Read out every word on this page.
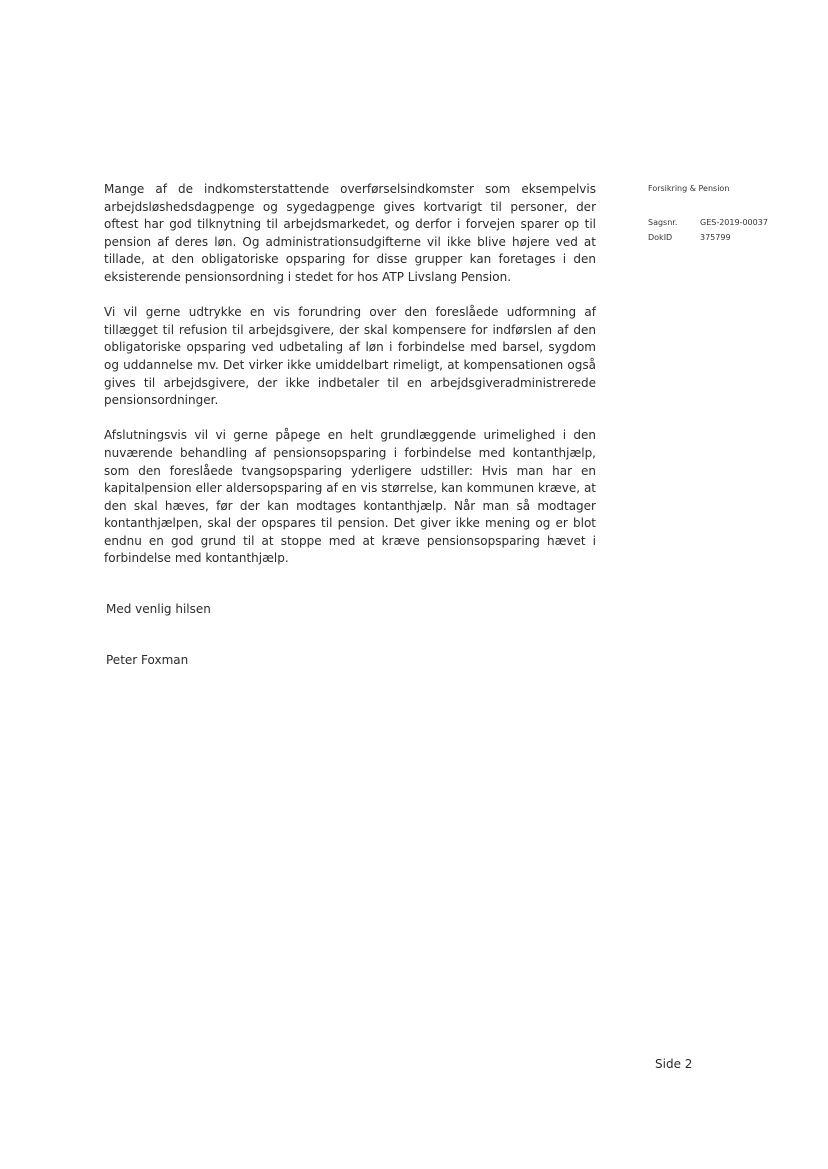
Mange af de indkomsterstattende overførselsindkomster som eksempelvis arbejdsløshedsdagpenge og sygedagpenge gives kortvarigt til personer, der oftest har god tilknytning til arbejdsmarkedet, og derfor i forvejen sparer op til pension af deres løn. Og administrationsudgifterne vil ikke blive højere ved at tillade, at den obligatoriske opsparing for disse grupper kan foretages i den eksisterende pensionsordning i stedet for hos ATP Livslang Pension.

Vi vil gerne udtrykke en vis forundring over den foreslåede udformning af tillægget til refusion til arbejdsgivere, der skal kompensere for indførslen af den obligatoriske opsparing ved udbetaling af løn i forbindelse med barsel, sygdom og uddannelse mv. Det virker ikke umiddelbart rimeligt, at kompensationen også gives til arbejdsgivere, der ikke indbetaler til en arbejdsgiveradministrerede pensionsordninger.

Afslutningsvis vil vi gerne påpege en helt grundlæggende urimelighed i den nuværende behandling af pensionsopsparing i forbindelse med kontanthjælp, som den foreslåede tvangsopsparing yderligere udstiller: Hvis man har en kapitalpension eller aldersopsparing af en vis størrelse, kan kommunen kræve, at den skal hæves, før der kan modtages kontanthjælp. Når man så modtager kontanthjælpen, skal der opspares til pension. Det giver ikke mening og er blot endnu en god grund til at stoppe med at kræve pensionsopsparing hævet i forbindelse med kontanthjælp.

Med venlig hilsen
Peter Foxman
Forsikring & Pension
Sagsnr.	GES-2019-00037
DokID	375799
Side 2
